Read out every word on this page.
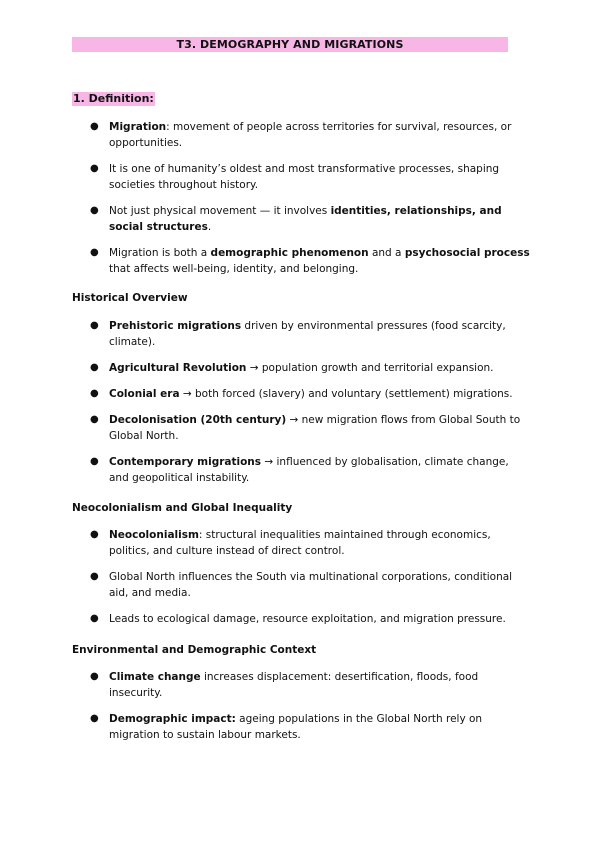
T3. DEMOGRAPHY AND MIGRATIONS
1. Definition:
● Migration: movement of people across territories for survival, resources, or opportunities.
● It is one of humanity’s oldest and most transformative processes, shaping societies throughout history.
● Not just physical movement — it involves identities, relationships, and social structures.
● Migration is both a demographic phenomenon and a psychosocial process that affects well-being, identity, and belonging.
Historical Overview
● Prehistoric migrations driven by environmental pressures (food scarcity, climate).
● Agricultural Revolution → population growth and territorial expansion.
● Colonial era → both forced (slavery) and voluntary (settlement) migrations.
● Decolonisation (20th century) → new migration flows from Global South to Global North.
● Contemporary migrations → influenced by globalisation, climate change, and geopolitical instability.
Neocolonialism and Global Inequality
● Neocolonialism: structural inequalities maintained through economics, politics, and culture instead of direct control.
● Global North influences the South via multinational corporations, conditional aid, and media.
● Leads to ecological damage, resource exploitation, and migration pressure.
Environmental and Demographic Context
● Climate change increases displacement: desertification, floods, food insecurity.
● Demographic impact: ageing populations in the Global North rely on migration to sustain labour markets.
